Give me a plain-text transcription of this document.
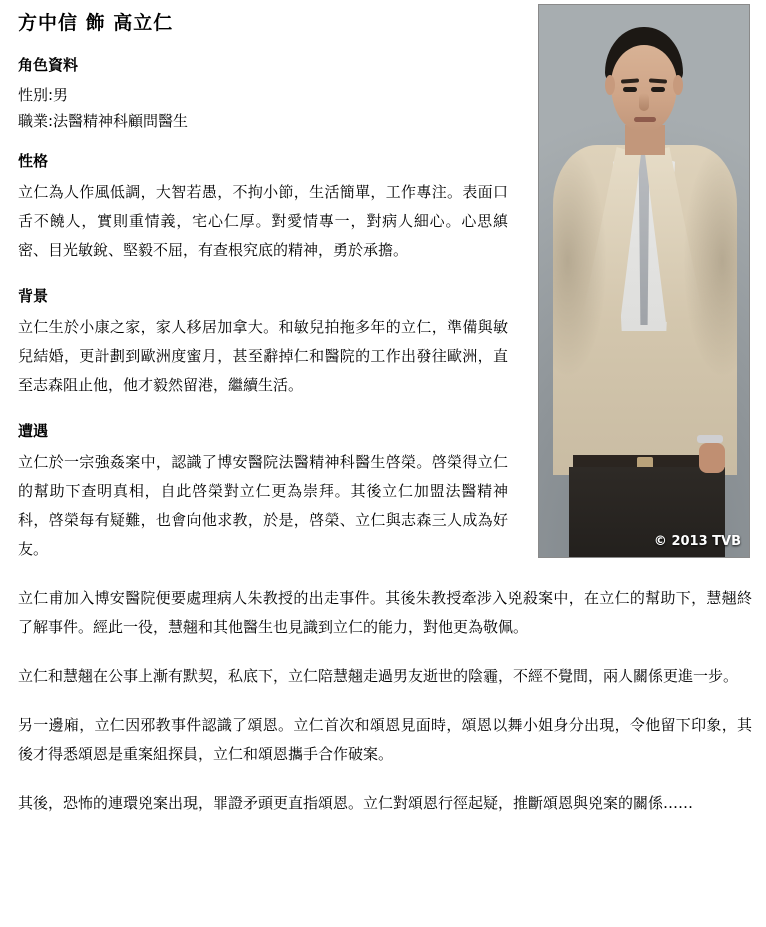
方中信 飾 高立仁
© 2013 TVB
角色資料

性別:男

職業:法醫精神科顧問醫生

性格

立仁為人作風低調，大智若愚，不拘小節，生活簡單，工作專注。表面口舌不饒人，實則重情義，宅心仁厚。對愛情專一，對病人細心。心思縝密、目光敏銳、堅毅不屈，有查根究底的精神，勇於承擔。

背景

立仁生於小康之家，家人移居加拿大。和敏兒拍拖多年的立仁，準備與敏兒結婚，更計劃到歐洲度蜜月，甚至辭掉仁和醫院的工作出發往歐洲，直至志森阻止他，他才毅然留港，繼續生活。

遭遇

立仁於一宗強姦案中，認識了博安醫院法醫精神科醫生啓榮。啓榮得立仁的幫助下查明真相，自此啓榮對立仁更為崇拜。其後立仁加盟法醫精神科，啓榮每有疑難，也會向他求教，於是，啓榮、立仁與志森三人成為好友。

立仁甫加入博安醫院便要處理病人朱教授的出走事件。其後朱教授牽涉入兇殺案中，在立仁的幫助下，慧翹終了解事件。經此一役，慧翹和其他醫生也見識到立仁的能力，對他更為敬佩。

立仁和慧翹在公事上漸有默契，私底下，立仁陪慧翹走過男友逝世的陰霾，不經不覺間，兩人關係更進一步。

另一邊廂，立仁因邪教事件認識了頌恩。立仁首次和頌恩見面時，頌恩以舞小姐身分出現，令他留下印象，其後才得悉頌恩是重案組探員，立仁和頌恩攜手合作破案。

其後，恐怖的連環兇案出現，罪證矛頭更直指頌恩。立仁對頌恩行徑起疑，推斷頌恩與兇案的關係……
